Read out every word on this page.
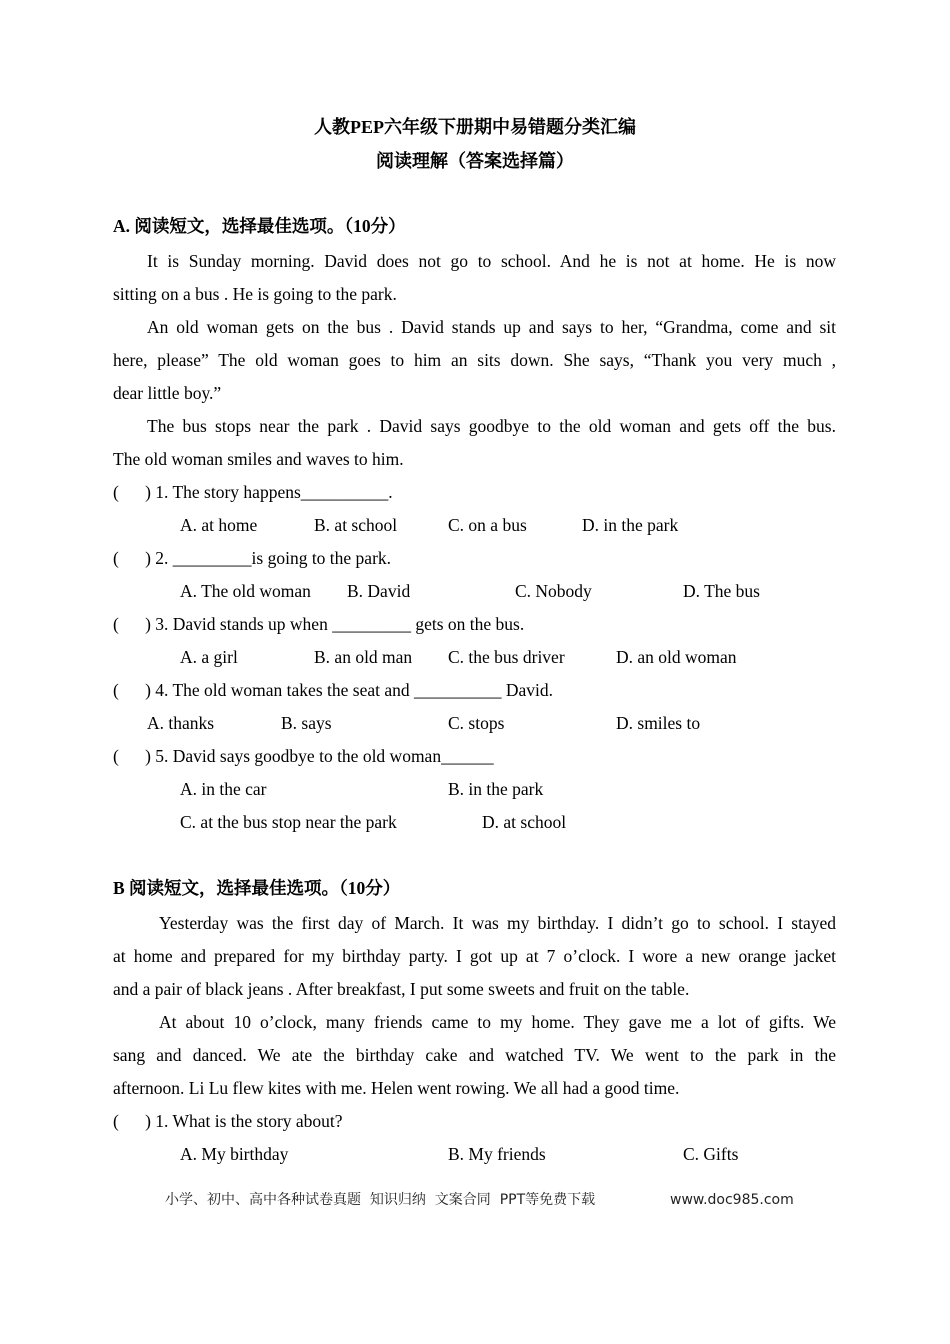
人教PEP六年级下册期中易错题分类汇编
阅读理解（答案选择篇）
A. 阅读短文，选择最佳选项。（10分）
It is Sunday morning. David does not go to school. And he is not at home. He is now
sitting on a bus . He is going to the park.
An old woman gets on the bus . David stands up and says to her, “Grandma, come and sit
here, please” The old woman goes to him an sits down. She says, “Thank you very much ,
dear little boy.”
The bus stops near the park . David says goodbye to the old woman and gets off the bus.
The old woman smiles and waves to him.
(      ) 1. The story happens__________.
A. at home	B. at school	C. on a bus	D. in the park
(      ) 2. _________is going to the park.
A. The old woman B. David	C. Nobody	D. The bus
(      ) 3. David stands up when _________ gets on the bus.
A. a girl	B. an old man C. the bus driver	D. an old woman
(      ) 4. The old woman takes the seat and __________ David.
A. thanks	B. says	C. stops	D. smiles to
(      ) 5. David says goodbye to the old woman______
A. in the car	B. in the park
C. at the bus stop near the park	D. at school
B 阅读短文，选择最佳选项。（10分）
Yesterday was the first day of March. It was my birthday. I didn’t go to school. I stayed
at home and prepared for my birthday party. I got up at 7 o’clock. I wore a new orange jacket
and a pair of black jeans . After breakfast, I put some sweets and fruit on the table.
At about 10 o’clock, many friends came to my home. They gave me a lot of gifts. We
sang and danced. We ate the birthday cake and watched TV. We went to the park in the
afternoon. Li Lu flew kites with me. Helen went rowing. We all had a good time.
(      ) 1. What is the story about?
A. My birthday	B. My friends	C. Gifts
小学、初中、高中各种试卷真题  知识归纳  文案合同  PPT等免费下载	www.doc985.com
